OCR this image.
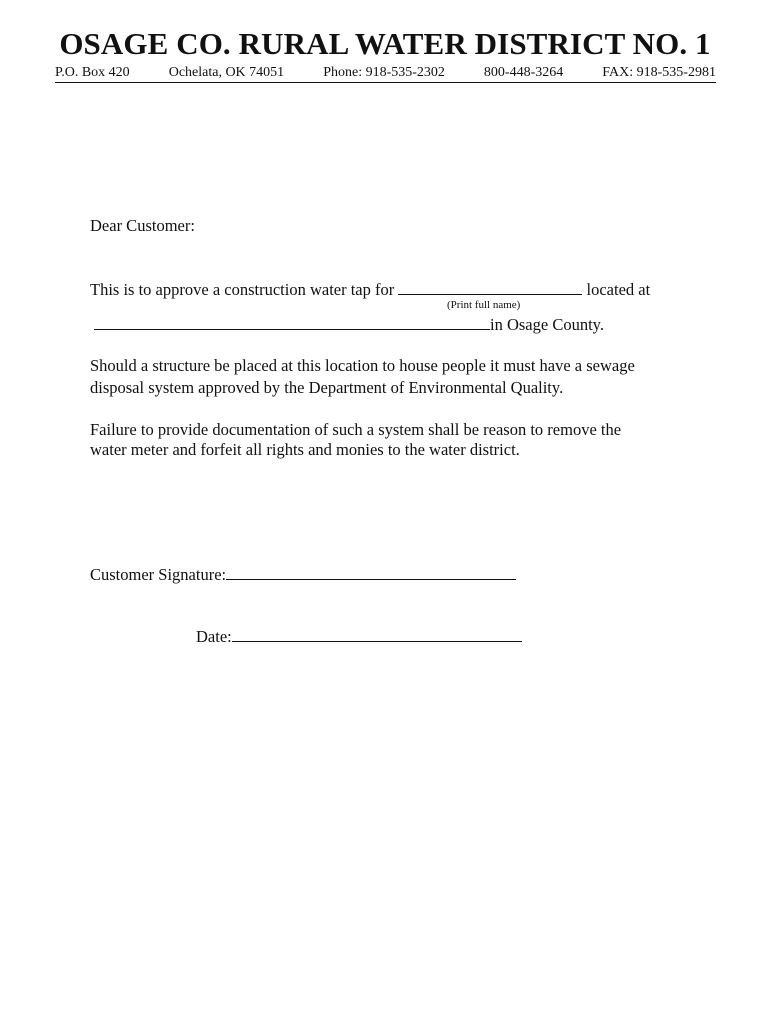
OSAGE CO. RURAL WATER DISTRICT NO. 1
P.O. Box 420	Ochelata, OK 74051	Phone: 918-535-2302	800-448-3264	FAX: 918-535-2981
Dear Customer:
This is to approve a construction water tap for	located at
(Print full name)
in Osage County.
Should a structure be placed at this location to house people it must have a sewage
disposal system approved by the Department of Environmental Quality.
Failure to provide documentation of such a system shall be reason to remove the
water meter and forfeit all rights and monies to the water district.
Customer Signature:
Date:
